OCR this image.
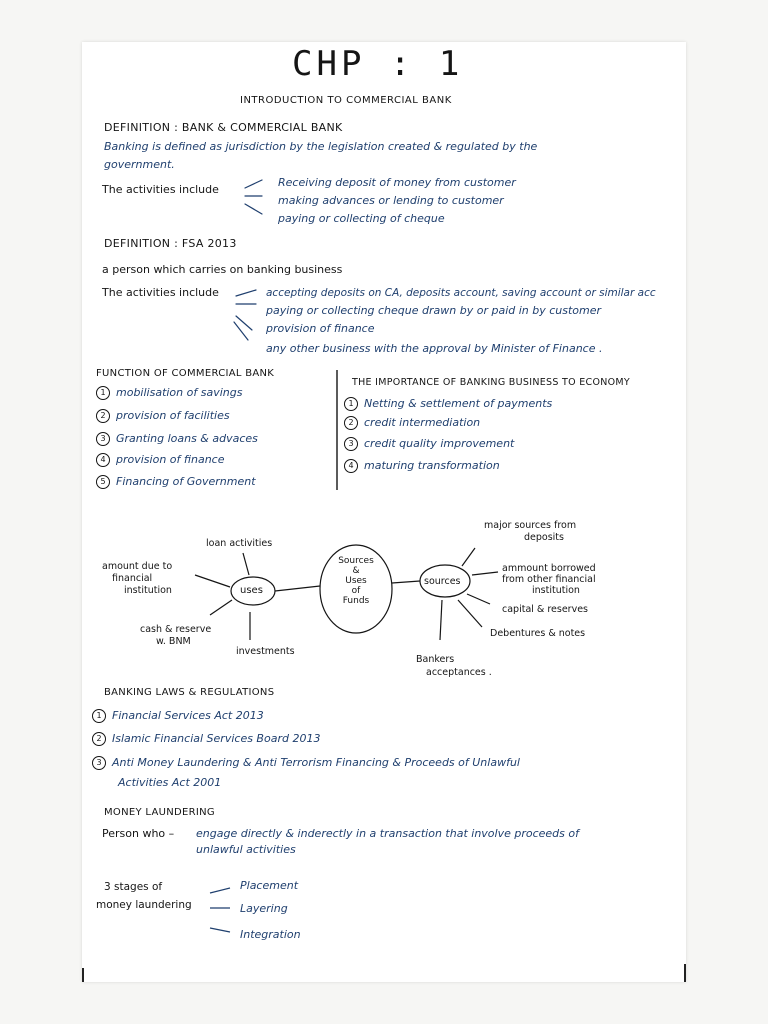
CHP : 1
INTRODUCTION TO COMMERCIAL BANK
DEFINITION : BANK & COMMERCIAL BANK
Banking is defined as jurisdiction by the legislation created & regulated by the
government.
The activities include
Receiving deposit of money from customer
making advances or lending to customer
paying or collecting of cheque
DEFINITION : FSA 2013
a person which carries on banking business
The activities include	accepting deposits on CA, deposits account, saving account or similar acc
paying or collecting cheque drawn by or paid in by customer
provision of finance
any other business with the approval by Minister of Finance .
FUNCTION OF COMMERCIAL BANK
1 mobilisation of savings
2 provision of facilities
3 Granting loans & advaces
4 provision of finance
5 Financing of Government
THE IMPORTANCE OF BANKING BUSINESS TO ECONOMY
1 Netting & settlement of payments
2 credit intermediation
3 credit quality improvement
4 maturing transformation
Sources
&
Uses
of
Funds
uses
sources
loan activities
amount due to
financial
institution
cash & reserve
w. BNM
investments
major sources from
deposits
ammount borrowed
from other financial
institution
capital & reserves
Debentures & notes
Bankers
acceptances .
BANKING LAWS & REGULATIONS
1 Financial Services Act 2013
2 Islamic Financial Services Board 2013
3 Anti Money Laundering & Anti Terrorism Financing & Proceeds of Unlawful
Activities Act 2001
MONEY LAUNDERING
Person who – engage directly & inderectly in a transaction that involve proceeds of
unlawful activities
3 stages of
money laundering
Placement
Layering
Integration
